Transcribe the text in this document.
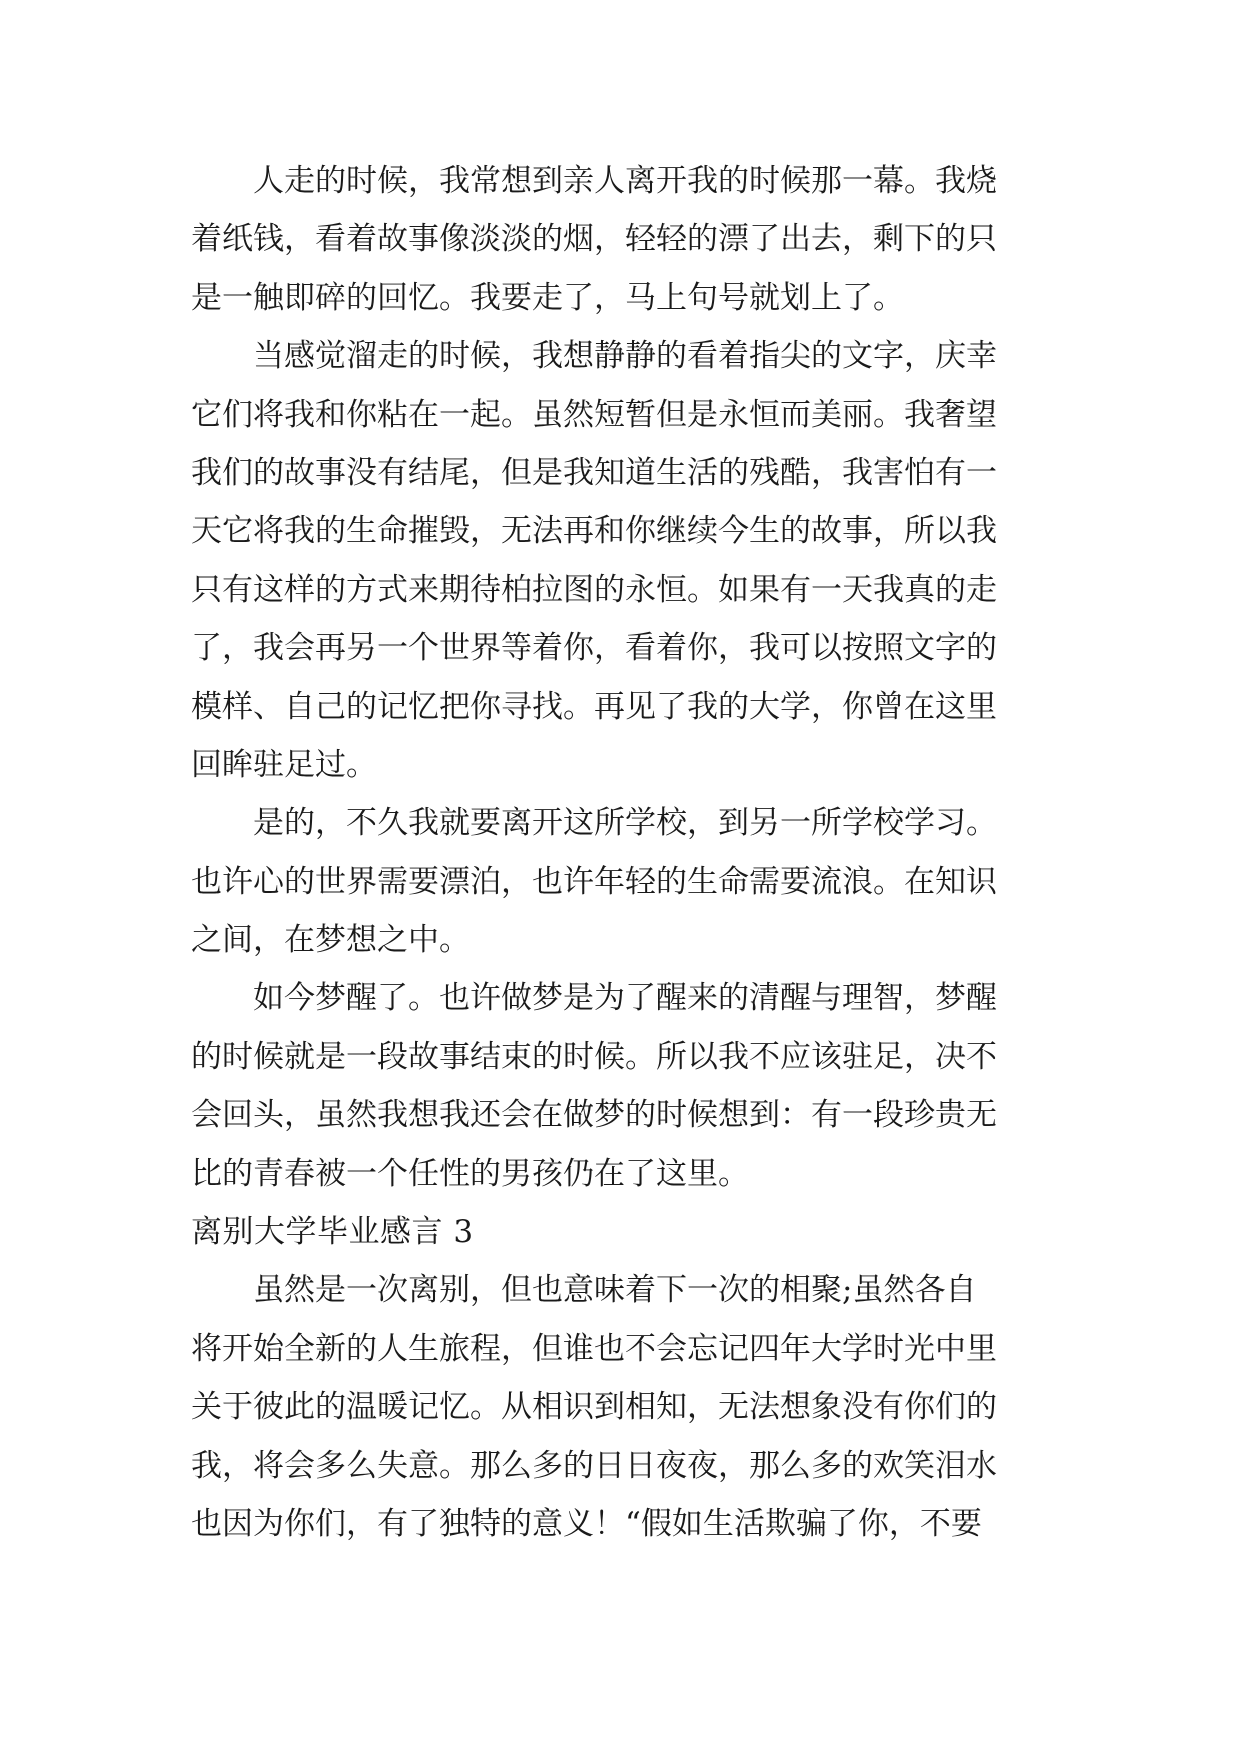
　　人走的时候，我常想到亲人离开我的时候那一幕。我烧
着纸钱，看着故事像淡淡的烟，轻轻的漂了出去，剩下的只
是一触即碎的回忆。我要走了，马上句号就划上了。
　　当感觉溜走的时候，我想静静的看着指尖的文字，庆幸
它们将我和你粘在一起。虽然短暂但是永恒而美丽。我奢望
我们的故事没有结尾，但是我知道生活的残酷，我害怕有一
天它将我的生命摧毁，无法再和你继续今生的故事，所以我
只有这样的方式来期待柏拉图的永恒。如果有一天我真的走
了，我会再另一个世界等着你，看着你，我可以按照文字的
模样、自己的记忆把你寻找。再见了我的大学，你曾在这里
回眸驻足过。
　　是的，不久我就要离开这所学校，到另一所学校学习。
也许心的世界需要漂泊，也许年轻的生命需要流浪。在知识
之间，在梦想之中。
　　如今梦醒了。也许做梦是为了醒来的清醒与理智，梦醒
的时候就是一段故事结束的时候。所以我不应该驻足，决不
会回头，虽然我想我还会在做梦的时候想到：有一段珍贵无
比的青春被一个任性的男孩仍在了这里。
离别大学毕业感言 3
　　虽然是一次离别，但也意味着下一次的相聚;虽然各自
将开始全新的人生旅程，但谁也不会忘记四年大学时光中里
关于彼此的温暖记忆。从相识到相知，无法想象没有你们的
我，将会多么失意。那么多的日日夜夜，那么多的欢笑泪水
也因为你们，有了独特的意义！“假如生活欺骗了你，不要
